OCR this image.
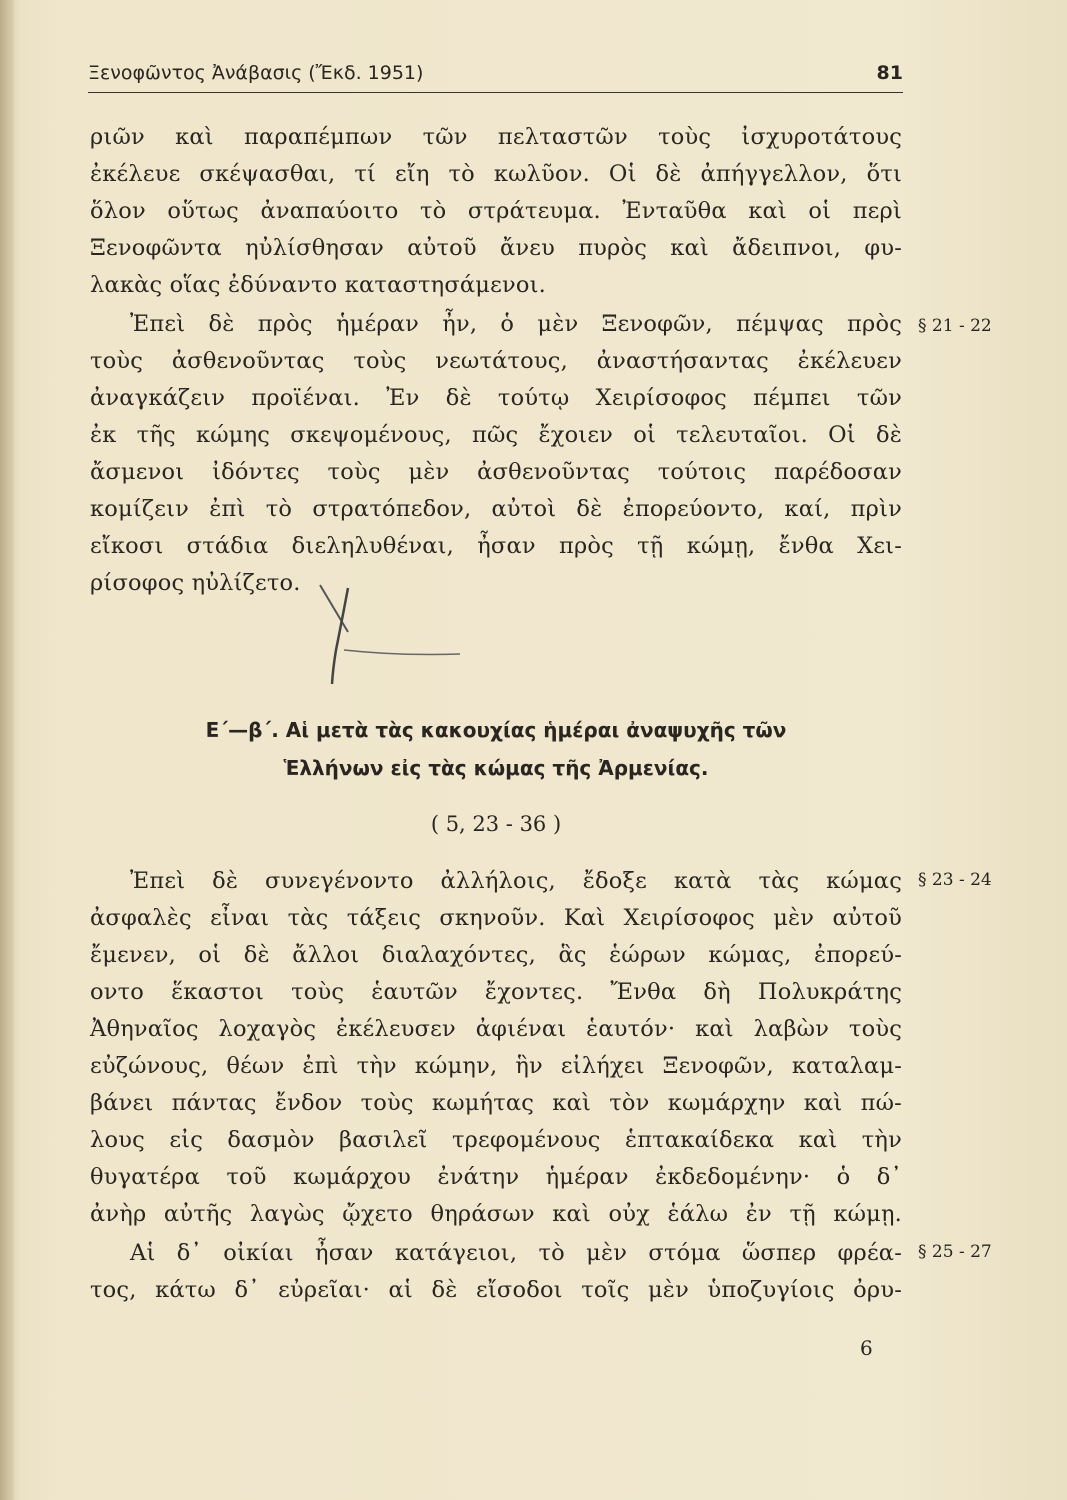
Ξενοφῶντος Ἀνάβασις (Ἔκδ. 1951)	81
ριῶν καὶ παραπέμπων τῶν πελταστῶν τοὺς ἰσχυροτάτους
ἐκέλευε σκέψασθαι, τί εἴη τὸ κωλῦον. Οἱ δὲ ἀπήγγελλον, ὅτι
ὅλον οὕτως ἀναπαύοιτο τὸ στράτευμα. Ἐνταῦθα καὶ οἱ περὶ
Ξενοφῶντα ηὐλίσθησαν αὐτοῦ ἄνευ πυρὸς καὶ ἄδειπνοι, φυ-
λακὰς οἵας ἐδύναντο καταστησάμενοι.
Ἐπεὶ δὲ πρὸς ἡμέραν ἦν, ὁ μὲν Ξενοφῶν, πέμψας πρὸς
τοὺς ἀσθενοῦντας τοὺς νεωτάτους, ἀναστήσαντας ἐκέλευεν
ἀναγκάζειν προϊέναι. Ἐν δὲ τούτῳ Χειρίσοφος πέμπει τῶν
ἐκ τῆς κώμης σκεψομένους, πῶς ἔχοιεν οἱ τελευταῖοι. Οἱ δὲ
ἄσμενοι ἰδόντες τοὺς μὲν ἀσθενοῦντας τούτοις παρέδοσαν
κομίζειν ἐπὶ τὸ στρατόπεδον, αὐτοὶ δὲ ἐπορεύοντο, καί, πρὶν
εἴκοσι στάδια διεληλυθέναι, ἦσαν πρὸς τῇ κώμῃ, ἔνθα Χει-
ρίσοφος ηὐλίζετο.
§ 21 - 22
Ε΄—β΄. Αἱ μετὰ τὰς κακουχίας ἡμέραι ἀναψυχῆς τῶν
Ἑλλήνων εἰς τὰς κώμας τῆς Ἀρμενίας.
( 5, 23 - 36 )
Ἐπεὶ δὲ συνεγένοντο ἀλλήλοις, ἔδοξε κατὰ τὰς κώμας
ἀσφαλὲς εἶναι τὰς τάξεις σκηνοῦν. Καὶ Χειρίσοφος μὲν αὐτοῦ
ἔμενεν, οἱ δὲ ἄλλοι διαλαχόντες, ἃς ἑώρων κώμας, ἐπορεύ-
οντο ἕκαστοι τοὺς ἑαυτῶν ἔχοντες. Ἔνθα δὴ Πολυκράτης
Ἀθηναῖος λοχαγὸς ἐκέλευσεν ἀφιέναι ἑαυτόν· καὶ λαβὼν τοὺς
εὐζώνους, θέων ἐπὶ τὴν κώμην, ἣν εἰλήχει Ξενοφῶν, καταλαμ-
βάνει πάντας ἔνδον τοὺς κωμήτας καὶ τὸν κωμάρχην καὶ πώ-
λους εἰς δασμὸν βασιλεῖ τρεφομένους ἑπτακαίδεκα καὶ τὴν
θυγατέρα τοῦ κωμάρχου ἐνάτην ἡμέραν ἐκδεδομένην· ὁ δ᾽
ἀνὴρ αὐτῆς λαγὼς ᾤχετο θηράσων καὶ οὐχ ἑάλω ἐν τῇ κώμῃ.
Αἱ δ᾽ οἰκίαι ἦσαν κατάγειοι, τὸ μὲν στόμα ὥσπερ φρέα-
τος, κάτω δ᾽ εὐρεῖαι· αἱ δὲ εἴσοδοι τοῖς μὲν ὑποζυγίοις ὀρυ-
§ 23 - 24
§ 25 - 27
6
